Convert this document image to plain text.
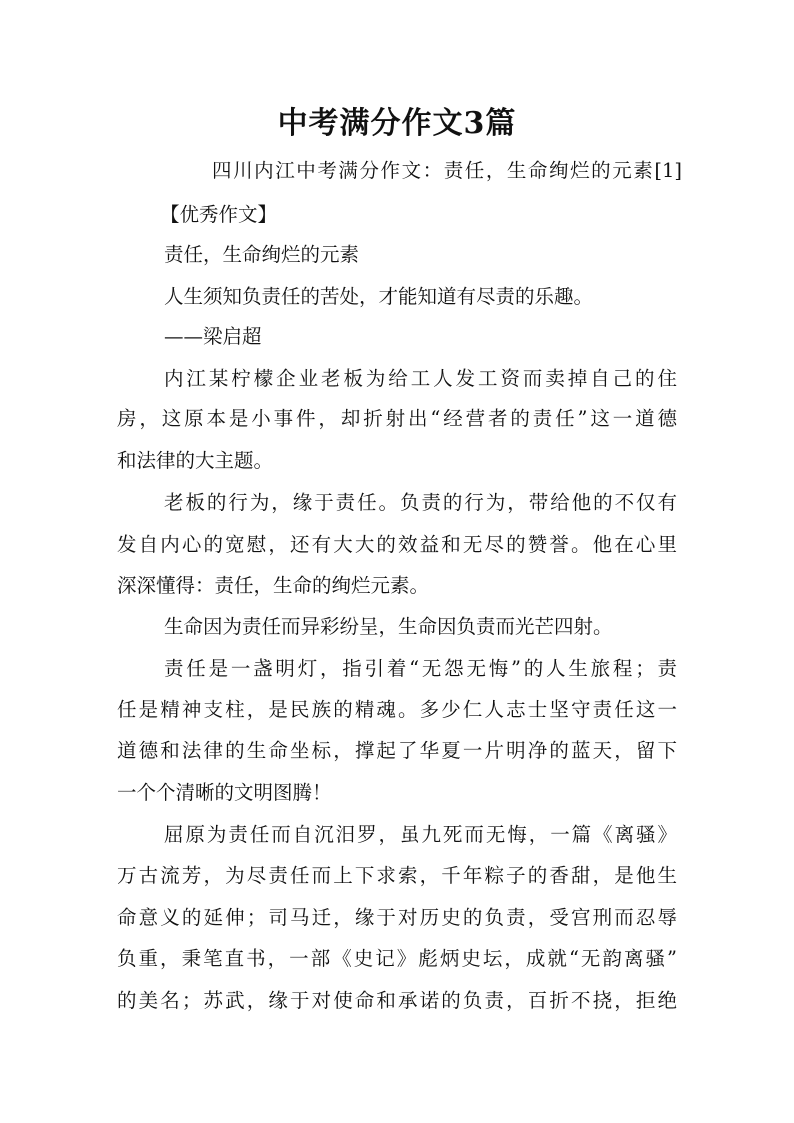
中考满分作文3篇
四川内江中考满分作文：责任，生命绚烂的元素[1]
【优秀作文】
责任，生命绚烂的元素
人生须知负责任的苦处，才能知道有尽责的乐趣。
——梁启超
内江某柠檬企业老板为给工人发工资而卖掉自己的住
房，这原本是小事件，却折射出“经营者的责任”这一道德
和法律的大主题。
老板的行为，缘于责任。负责的行为，带给他的不仅有
发自内心的宽慰，还有大大的效益和无尽的赞誉。他在心里
深深懂得：责任，生命的绚烂元素。
生命因为责任而异彩纷呈，生命因负责而光芒四射。
责任是一盏明灯，指引着“无怨无悔”的人生旅程；责
任是精神支柱，是民族的精魂。多少仁人志士坚守责任这一
道德和法律的生命坐标，撑起了华夏一片明净的蓝天，留下
一个个清晰的文明图腾！
屈原为责任而自沉汨罗，虽九死而无悔，一篇《离骚》
万古流芳，为尽责任而上下求索，千年粽子的香甜，是他生
命意义的延伸；司马迁，缘于对历史的负责，受宫刑而忍辱
负重，秉笔直书，一部《史记》彪炳史坛，成就“无韵离骚”
的美名；苏武，缘于对使命和承诺的负责，百折不挠，拒绝
